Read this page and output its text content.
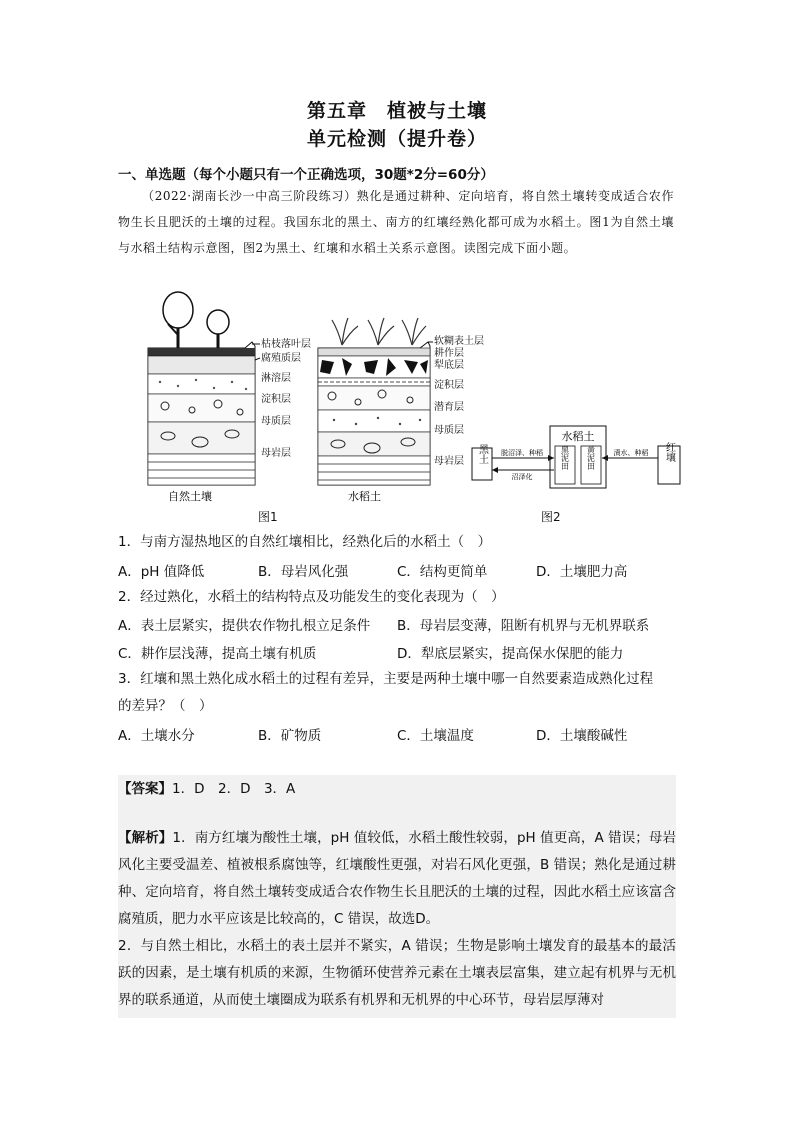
第五章　植被与土壤
单元检测（提升卷）
一、单选题（每个小题只有一个正确选项，30题*2分=60分）
（2022·湖南长沙一中高三阶段练习）熟化是通过耕种、定向培育，将自然土壤转变成适合农作物生长且肥沃的土壤的过程。我国东北的黑土、南方的红壤经熟化都可成为水稻土。图1为自然土壤与水稻土结构示意图，图2为黑土、红壤和水稻土关系示意图。读图完成下面小题。
枯枝落叶层
腐殖质层
淋溶层
淀积层
母质层
母岩层
自然土壤
软糊表土层
耕作层
犁底层
淀积层
潜育层
母质层
母岩层
水稻土
图1
水稻土
黑泥田 黄泥田
黑土	红壤
脱沼泽、种稻
沼泽化
漬水、种稻
图2
1．与南方湿热地区的自然红壤相比，经熟化后的水稻土（　）
A．pH 值降低	B．母岩风化强	C．结构更简单	D．土壤肥力高
2．经过熟化，水稻土的结构特点及功能发生的变化表现为（　）
A．表土层紧实，提供农作物扎根立足条件 B．母岩层变薄，阻断有机界与无机界联系
C．耕作层浅薄，提高土壤有机质	D．犁底层紧实，提高保水保肥的能力
3．红壤和黑土熟化成水稻土的过程有差异，主要是两种土壤中哪一自然要素造成熟化过程
的差异？（　）
A．土壤水分	B．矿物质	C．土壤温度	D．土壤酸碱性
【答案】1．D　2．D　3．A

【解析】1．南方红壤为酸性土壤，pH 值较低，水稻土酸性较弱，pH 值更高，A 错误；母岩风化主要受温差、植被根系腐蚀等，红壤酸性更强，对岩石风化更强，B 错误；熟化是通过耕种、定向培育，将自然土壤转变成适合农作物生长且肥沃的土壤的过程，因此水稻土应该富含腐殖质，肥力水平应该是比较高的，C 错误，故选D。

2．与自然土相比，水稻土的表土层并不紧实，A 错误；生物是影响土壤发育的最基本的最活跃的因素，是土壤有机质的来源，生物循环使营养元素在土壤表层富集，建立起有机界与无机界的联系通道，从而使土壤圈成为联系有机界和无机界的中心环节，母岩层厚薄对
